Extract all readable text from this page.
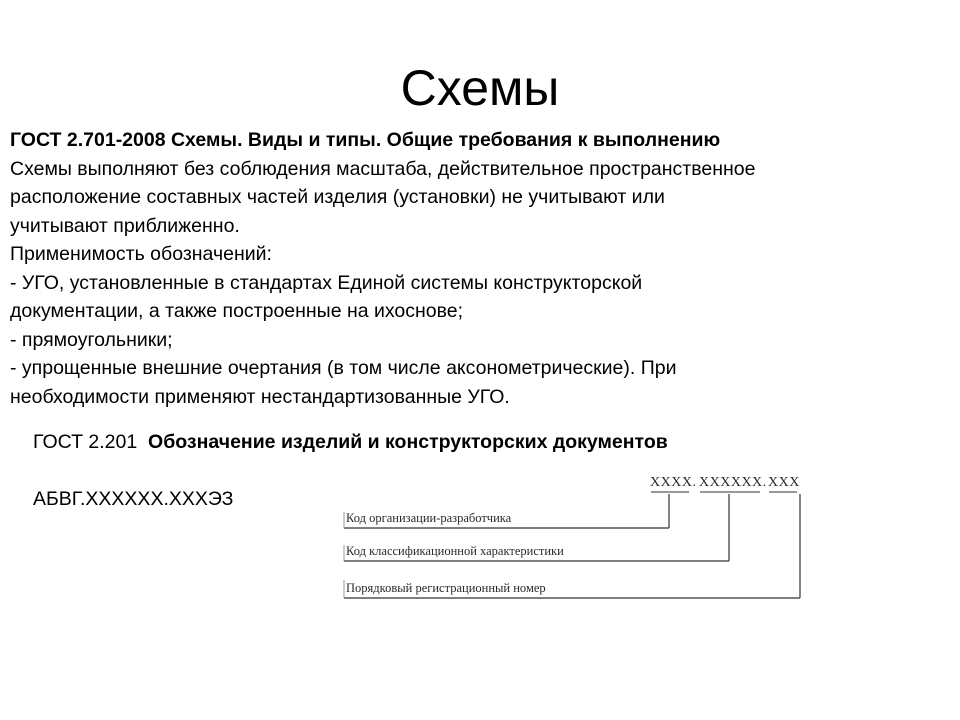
Схемы
ГОСТ 2.701-2008 Схемы. Виды и типы. Общие требования к выполнению
Схемы выполняют без соблюдения масштаба, действительное пространственное
расположение составных частей изделия (установки) не учитывают или
учитывают приближенно.
Применимость обозначений:
- УГО, установленные в стандартах Единой системы конструкторской
документации, а также построенные на ихоснове;
- прямоугольники;
- упрощенные внешние очертания (в том числе аксонометрические). При
необходимости применяют нестандартизованные УГО.
ГОСТ 2.201 Обозначение изделий и конструкторских документов
АБВГ.XXXXXX.XXXЭЗ
XXXX. XXXXXX. XXX
Код организации-разработчика
Код классификационной характеристики
Порядковый регистрационный номер
